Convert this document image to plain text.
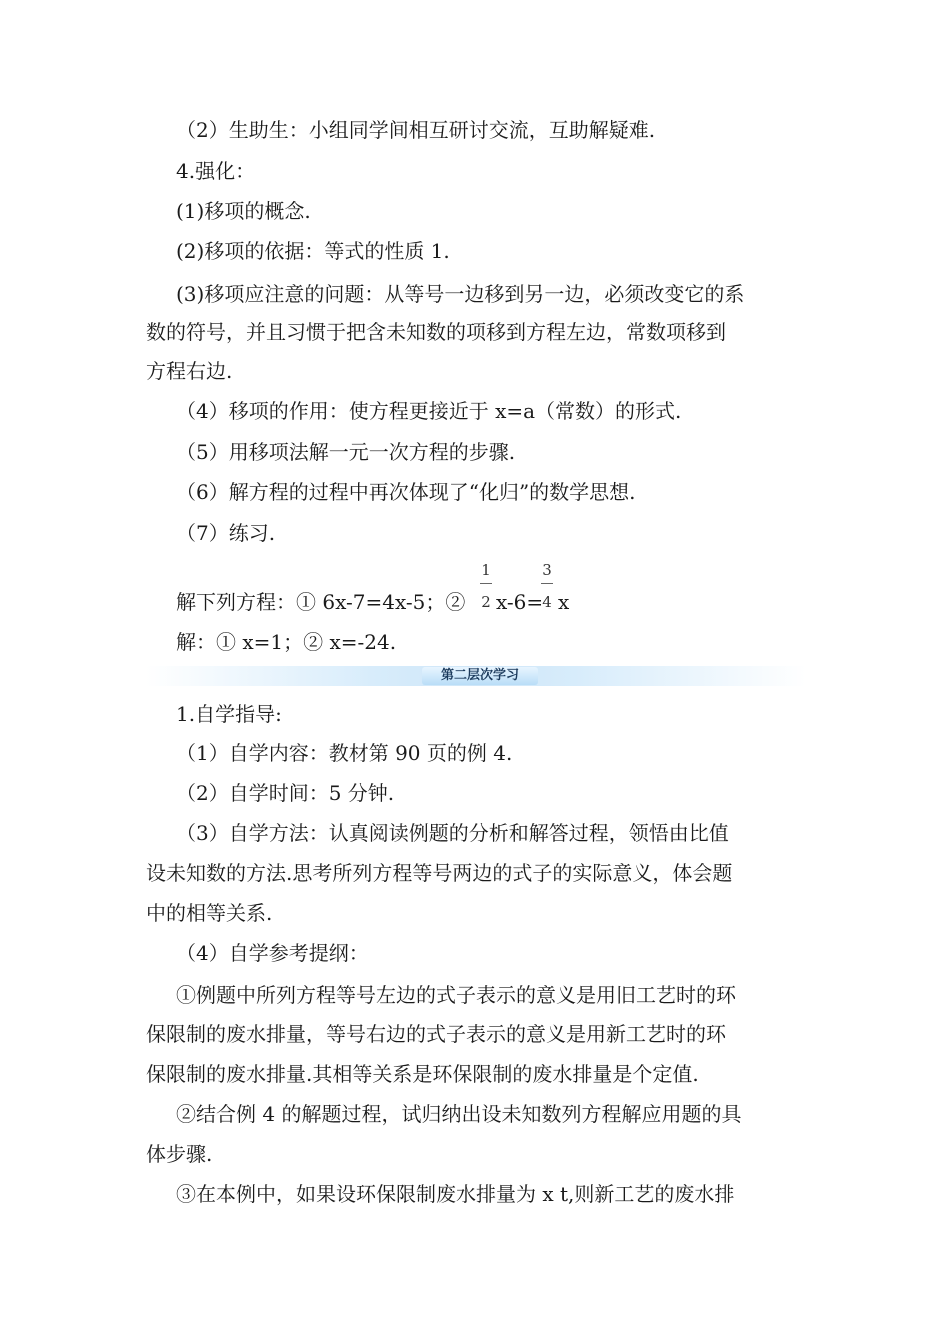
（2）生助生：小组同学间相互研讨交流，互助解疑难.
4.强化：
(1)移项的概念.
(2)移项的依据：等式的性质 1.
(3)移项应注意的问题：从等号一边移到另一边，必须改变它的系
数的符号，并且习惯于把含未知数的项移到方程左边，常数项移到
方程右边.
（4）移项的作用：使方程更接近于 x=a（常数）的形式.
（5）用移项法解一元一次方程的步骤.
（6）解方程的过程中再次体现了“化归”的数学思想.
（7）练习.
解下列方程：① 6x-7=4x-5；②
1
2 x-6=
3
4 x
解：① x=1；② x=-24.
第二层次学习
1.自学指导:
（1）自学内容：教材第 90 页的例 4.
（2）自学时间：5 分钟.
（3）自学方法：认真阅读例题的分析和解答过程，领悟由比值
设未知数的方法.思考所列方程等号两边的式子的实际意义，体会题
中的相等关系.
（4）自学参考提纲：
①例题中所列方程等号左边的式子表示的意义是用旧工艺时的环
保限制的废水排量，等号右边的式子表示的意义是用新工艺时的环
保限制的废水排量.其相等关系是环保限制的废水排量是个定值.
②结合例 4 的解题过程，试归纳出设未知数列方程解应用题的具
体步骤.
③在本例中，如果设环保限制废水排量为 x t,则新工艺的废水排
